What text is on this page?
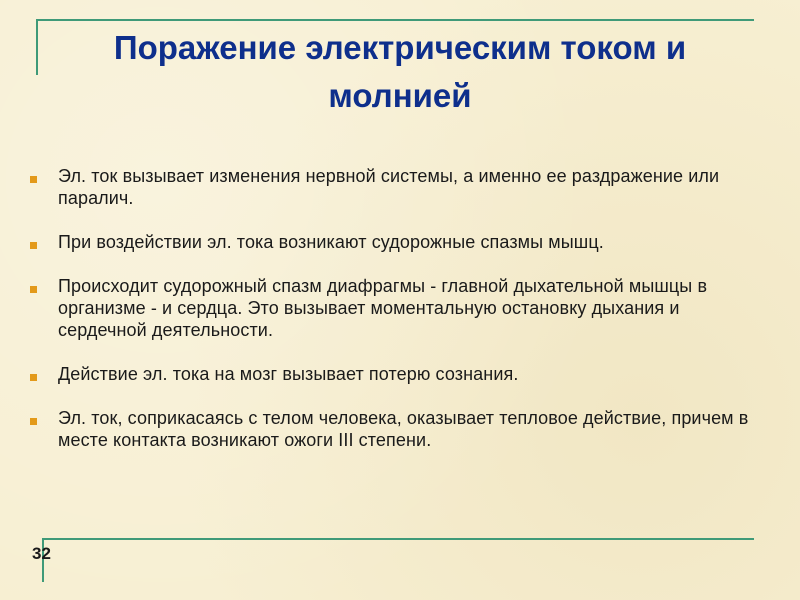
Поражение электрическим током и молнией
Эл. ток вызывает изменения нервной системы, а именно ее раздражение или паралич.
При воздействии эл. тока возникают судорожные спазмы мышц.
Происходит судорожный спазм диафрагмы - главной дыхательной мышцы в организме - и сердца. Это вызывает моментальную остановку дыхания и сердечной деятельности.
Действие эл. тока на мозг вызывает потерю сознания.
Эл. ток, соприкасаясь с телом человека, оказывает тепловое действие, причем в месте контакта возникают ожоги III степени.
32
